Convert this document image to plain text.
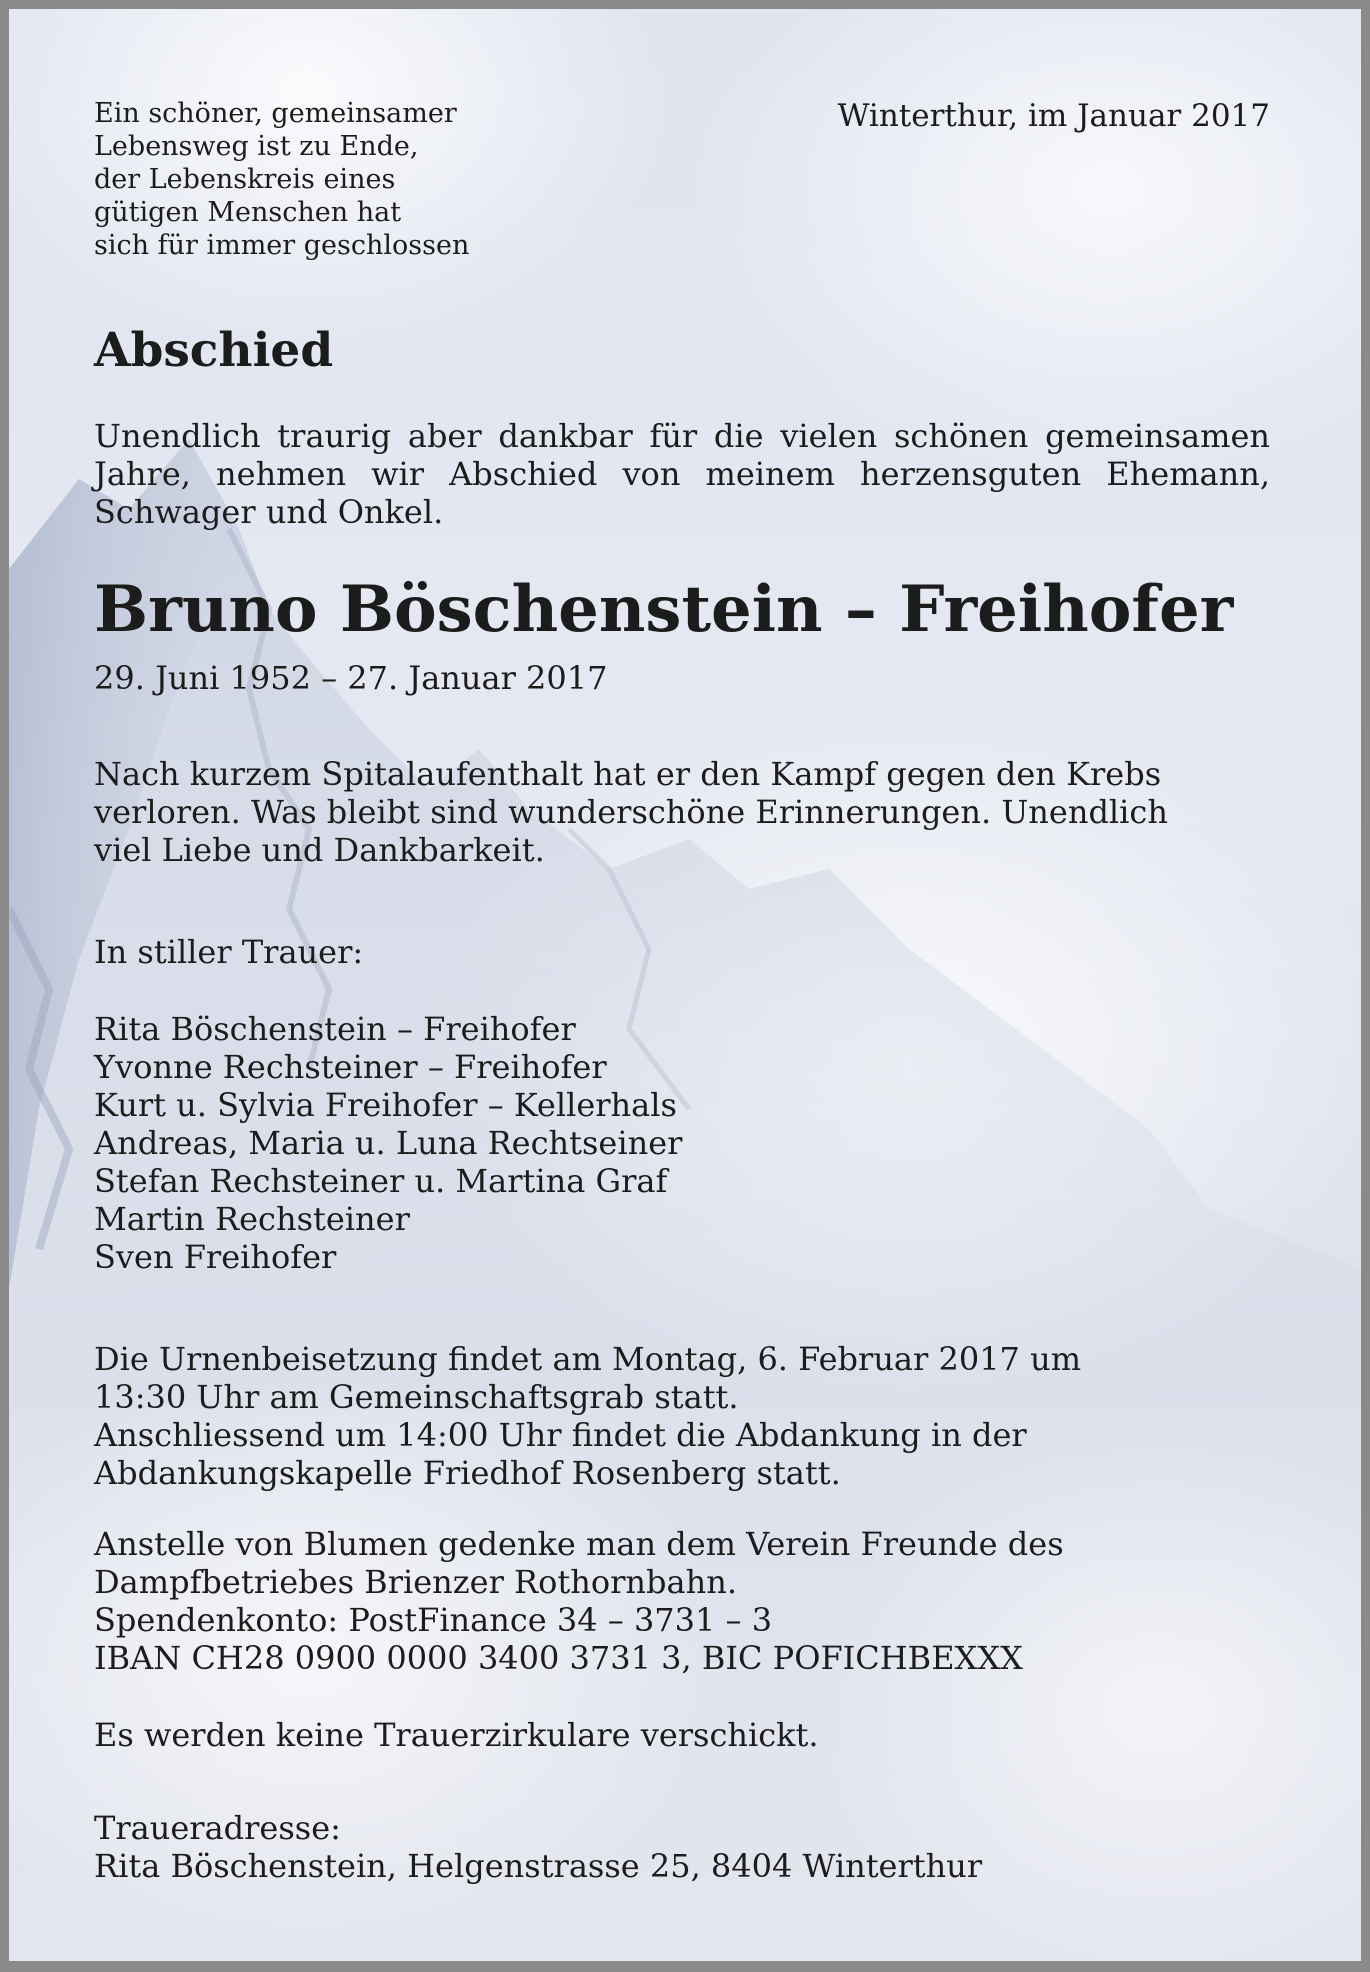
Ein schöner, gemeinsamer
Lebensweg ist zu Ende,
der Lebenskreis eines
gütigen Menschen hat
sich für immer geschlossen

Winterthur, im Januar 2017
Abschied

Unendlich traurig aber dankbar für die vielen schönen gemeinsamen Jahre, nehmen wir Abschied von meinem herzensguten Ehemann, Schwager und Onkel.

Bruno Böschenstein – Freihofer
29. Juni 1952 – 27. Januar 2017

Nach kurzem Spitalaufenthalt hat er den Kampf gegen den Krebs
verloren. Was bleibt sind wunderschöne Erinnerungen. Unendlich
viel Liebe und Dankbarkeit.

In stiller Trauer:

Rita Böschenstein – Freihofer
Yvonne Rechsteiner – Freihofer
Kurt u. Sylvia Freihofer – Kellerhals
Andreas, Maria u. Luna Rechtseiner
Stefan Rechsteiner u. Martina Graf
Martin Rechsteiner
Sven Freihofer

Die Urnenbeisetzung findet am Montag, 6. Februar 2017 um
13:30 Uhr am Gemeinschaftsgrab statt.
Anschliessend um 14:00 Uhr findet die Abdankung in der
Abdankungskapelle Friedhof Rosenberg statt.

Anstelle von Blumen gedenke man dem Verein Freunde des
Dampfbetriebes Brienzer Rothornbahn.
Spendenkonto: PostFinance 34 – 3731 – 3
IBAN CH28 0900 0000 3400 3731 3, BIC POFICHBEXXX

Es werden keine Trauerzirkulare verschickt.

Traueradresse:
Rita Böschenstein, Helgenstrasse 25, 8404 Winterthur
